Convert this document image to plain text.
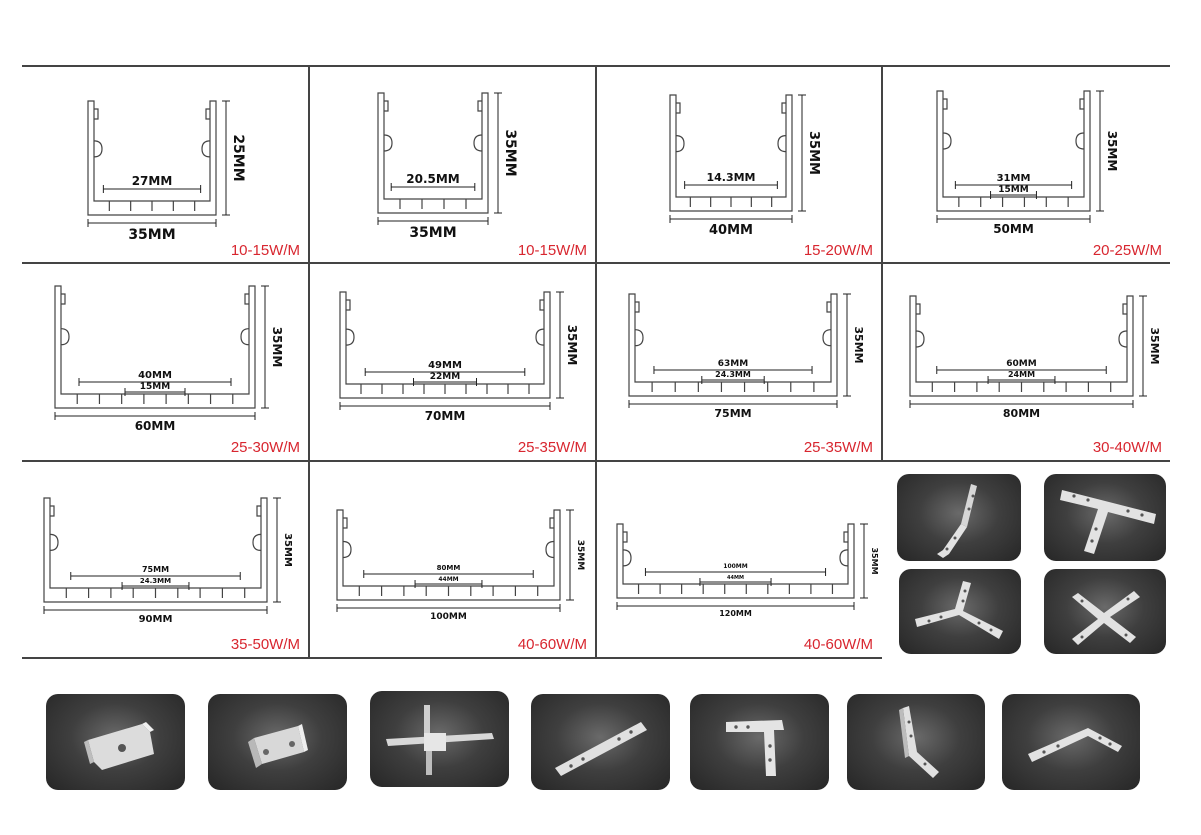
35MM
25MM
27MM
10-15W/M
35MM
35MM
20.5MM
10-15W/M
40MM
35MM
14.3MM
15-20W/M
50MM
35MM
31MM
15MM
20-25W/M
60MM
35MM
40MM
15MM
25-30W/M
70MM
35MM
49MM
22MM
25-35W/M
75MM
35MM
63MM
24.3MM
25-35W/M
80MM
35MM
60MM
24MM
30-40W/M
90MM
35MM
75MM
24.3MM
35-50W/M
100MM
35MM
80MM
44MM
40-60W/M
120MM
35MM
100MM
44MM
40-60W/M
